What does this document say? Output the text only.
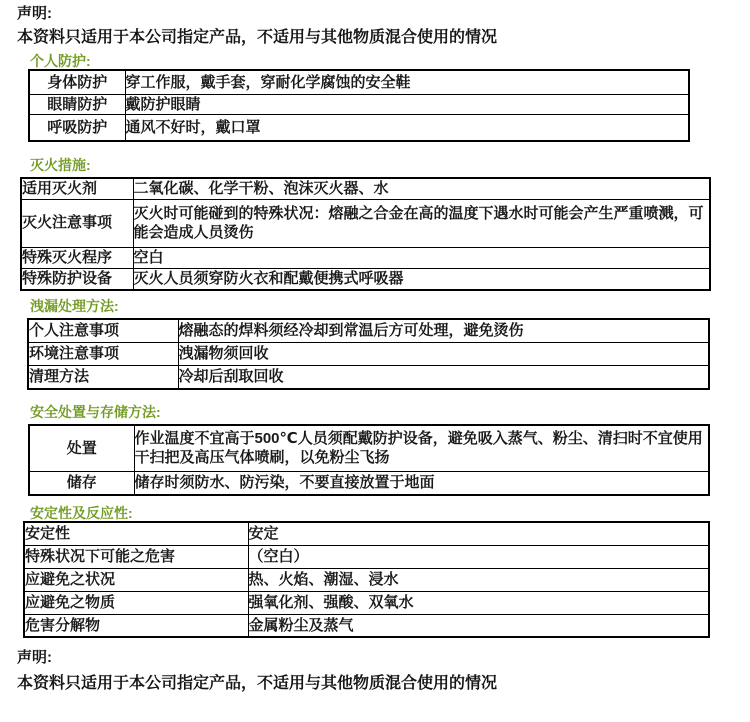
声明:
本资料只适用于本公司指定产品，不适用与其他物质混合使用的情况
个人防护:
身体防护	穿工作服，戴手套，穿耐化学腐蚀的安全鞋
眼睛防护	戴防护眼睛
呼吸防护	通风不好时，戴口罩
灭火措施:
适用灭火剂	二氧化碳、化学干粉、泡沫灭火器、水
灭火注意事项	灭火时可能碰到的特殊状况：熔融之合金在高的温度下遇水时可能会产生严重喷溅，可能会造成人员烫伤
特殊灭火程序	空白
特殊防护设备	灭火人员须穿防火衣和配戴便携式呼吸器
洩漏处理方法:
个人注意事项	熔融态的焊料须经冷却到常温后方可处理，避免烫伤
环境注意事项	洩漏物须回收
清理方法	冷却后刮取回收
安全处置与存储方法:
处置	作业温度不宜高于500℃人员须配戴防护设备，避免吸入蒸气、粉尘、清扫时不宜使用干扫把及高压气体喷刷，以免粉尘飞扬
储存	储存时须防水、防污染，不要直接放置于地面
安定性及反应性:
安定性	安定
特殊状况下可能之危害	（空白）
应避免之状况	热、火焰、潮湿、浸水
应避免之物质	强氧化剂、强酸、双氧水
危害分解物	金属粉尘及蒸气
声明:
本资料只适用于本公司指定产品，不适用与其他物质混合使用的情况
